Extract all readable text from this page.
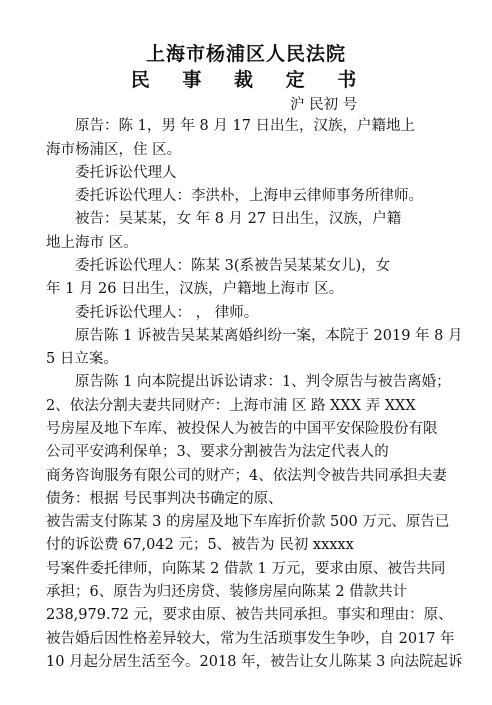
上海市杨浦区人民法院
民 事 裁 定 书
沪 民初 号
原告：陈 1，男 年 8 月 17 日出生，汉族，户籍地上
海市杨浦区，住 区。
委托诉讼代理人
委托诉讼代理人：李洪朴，上海申云律师事务所律师。
被告：吴某某，女 年 8 月 27 日出生，汉族，户籍
地上海市 区。
委托诉讼代理人：陈某 3(系被告吴某某女儿)，女
年 1 月 26 日出生，汉族，户籍地上海市 区。
委托诉讼代理人： ， 律师。
原告陈 1 诉被告吴某某离婚纠纷一案，本院于 2019 年 8 月
5 日立案。
原告陈 1 向本院提出诉讼请求：1、判令原告与被告离婚；
2、依法分割夫妻共同财产：上海市浦 区 路 XXX 弄 XXX
号房屋及地下车库、被投保人为被告的中国平安保险股份有限
公司平安鸿利保单；3、要求分割被告为法定代表人的
商务咨询服务有限公司的财产；4、依法判令被告共同承担夫妻
债务：根据 号民事判决书确定的原、
被告需支付陈某 3 的房屋及地下车库折价款 500 万元、原告已
付的诉讼费 67,042 元；5、被告为 民初 xxxxx
号案件委托律师，向陈某 2 借款 1 万元，要求由原、被告共同
承担；6、原告为归还房贷、装修房屋向陈某 2 借款共计
238,979.72 元，要求由原、被告共同承担。事实和理由：原、
被告婚后因性格差异较大，常为生活琐事发生争吵，自 2017 年
10 月起分居生活至今。2018 年，被告让女儿陈某 3 向法院起诉
